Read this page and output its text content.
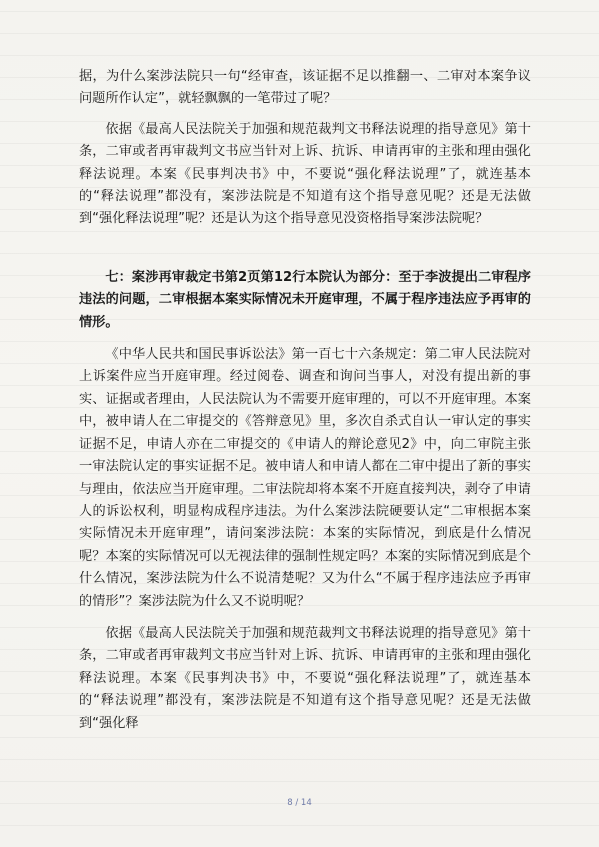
据，为什么案涉法院只一句“经审查，该证据不足以推翻一、二审对本案争议问题所作认定”，就轻飘飘的一笔带过了呢？

依据《最高人民法院关于加强和规范裁判文书释法说理的指导意见》第十条，二审或者再审裁判文书应当针对上诉、抗诉、申请再审的主张和理由强化释法说理。本案《民事判决书》中，不要说“强化释法说理”了，就连基本的“释法说理”都没有，案涉法院是不知道有这个指导意见呢？还是无法做到“强化释法说理”呢？还是认为这个指导意见没资格指导案涉法院呢？

七：案涉再审裁定书第2页第12行本院认为部分：至于李波提出二审程序违法的问题，二审根据本案实际情况未开庭审理，不属于程序违法应予再审的情形。

《中华人民共和国民事诉讼法》第一百七十六条规定：第二审人民法院对上诉案件应当开庭审理。经过阅卷、调查和询问当事人，对没有提出新的事实、证据或者理由，人民法院认为不需要开庭审理的，可以不开庭审理。本案中，被申请人在二审提交的《答辩意见》里，多次自杀式自认一审认定的事实证据不足，申请人亦在二审提交的《申请人的辩论意见2》中，向二审院主张一审法院认定的事实证据不足。被申请人和申请人都在二审中提出了新的事实与理由，依法应当开庭审理。二审法院却将本案不开庭直接判决，剥夺了申请人的诉讼权利，明显构成程序违法。为什么案涉法院硬要认定“二审根据本案实际情况未开庭审理”，请问案涉法院：本案的实际情况，到底是什么情况呢？本案的实际情况可以无视法律的强制性规定吗？本案的实际情况到底是个什么情况，案涉法院为什么不说清楚呢？又为什么“不属于程序违法应予再审的情形”？案涉法院为什么又不说明呢？

依据《最高人民法院关于加强和规范裁判文书释法说理的指导意见》第十条，二审或者再审裁判文书应当针对上诉、抗诉、申请再审的主张和理由强化释法说理。本案《民事判决书》中，不要说“强化释法说理”了，就连基本的“释法说理”都没有，案涉法院是不知道有这个指导意见呢？还是无法做到“强化释

8 / 14
